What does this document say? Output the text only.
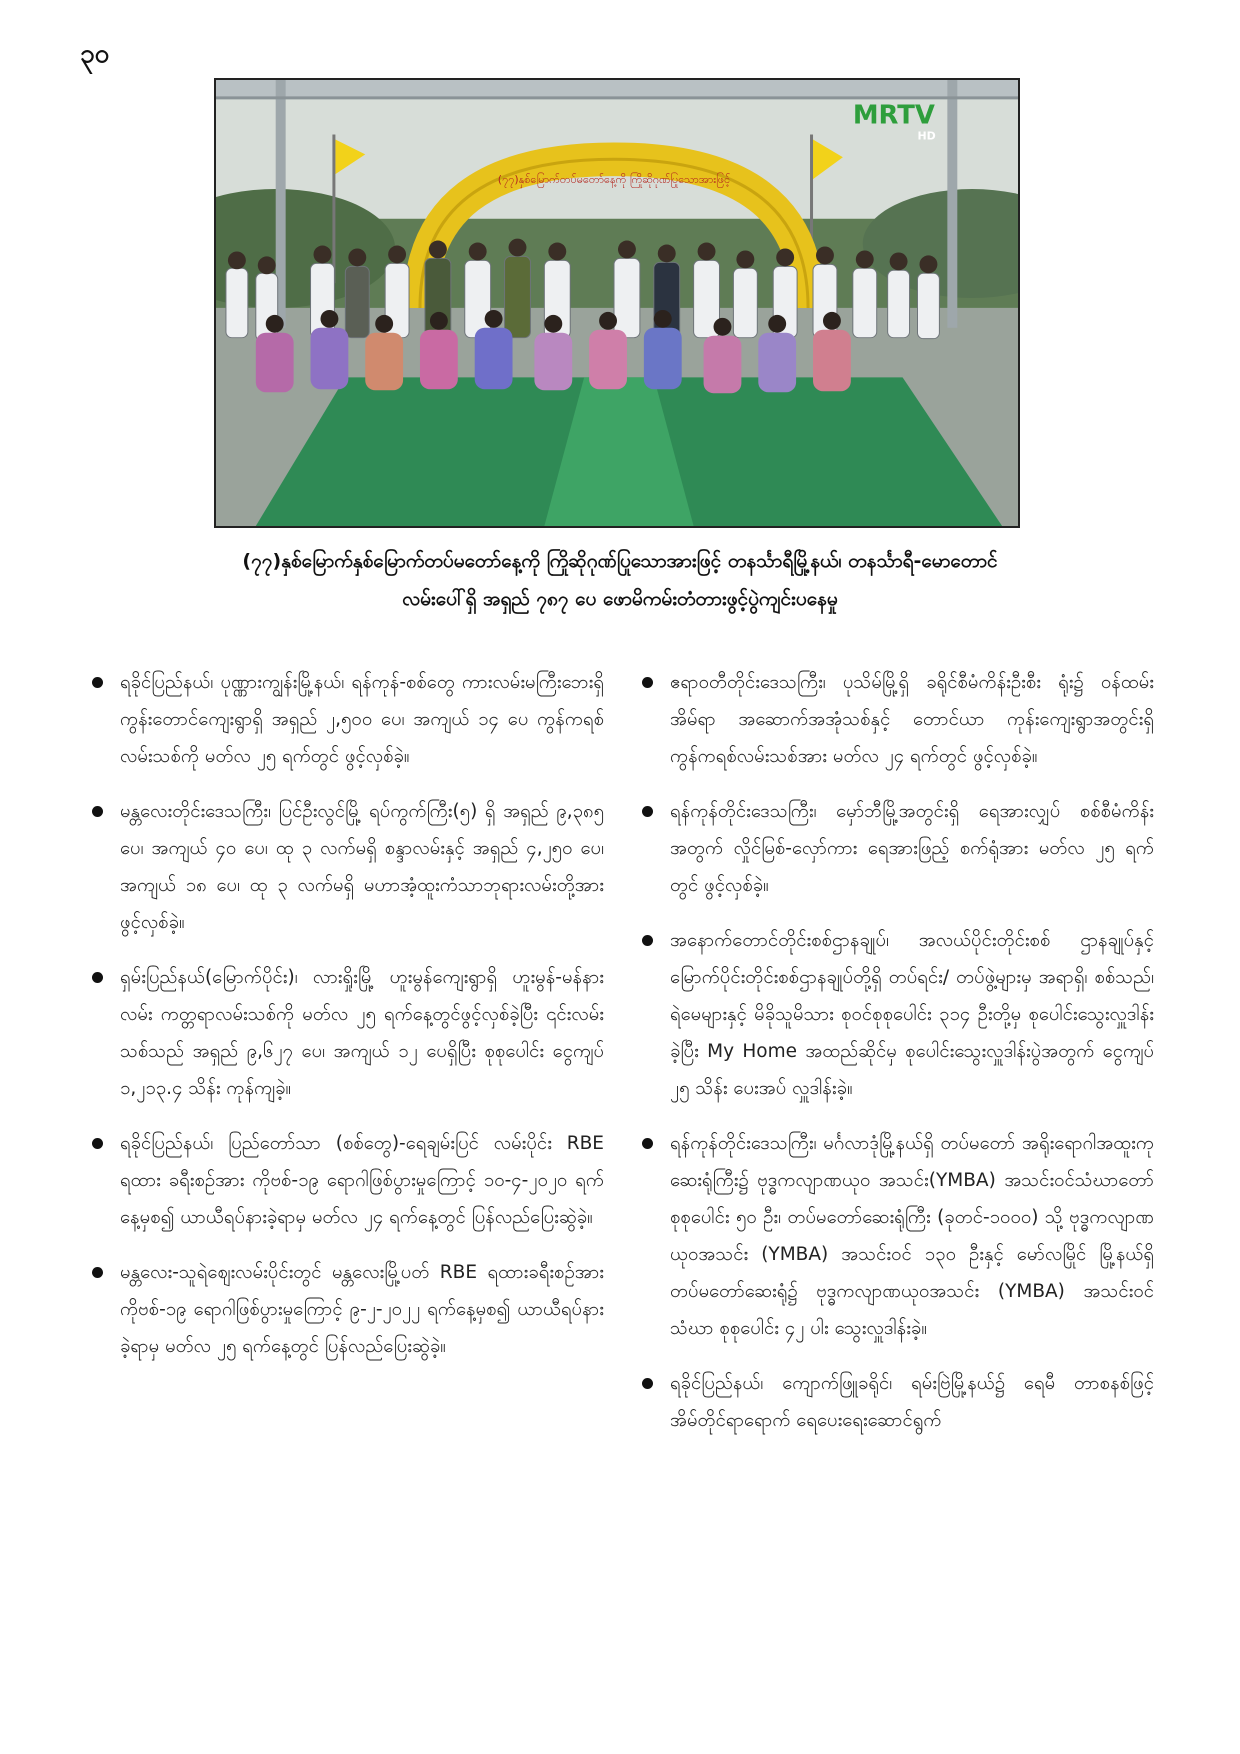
၃၀
(၇၇)နှစ်မြောက်တပ်မတော်နေ့ကို ကြိုဆိုဂုဏ်ပြုသောအားဖြင့်
MRTV
HD
(၇၇)နှစ်မြောက်နှစ်မြောက်တပ်မတော်နေ့ကို ကြိုဆိုဂုဏ်ပြုသောအားဖြင့် တနင်္သာရီမြို့နယ်၊ တနင်္သာရီ-မောတောင်
လမ်းပေါ်ရှိ အရှည် ၇၈၇ ပေ ဖောမိကမ်းတံတားဖွင့်ပွဲကျင်းပနေမှု
ရခိုင်ပြည်နယ်၊ ပုဏ္ဏားကျွန်းမြို့နယ်၊ ရန်ကုန်-စစ်တွေ ကားလမ်းမကြီးဘေးရှိ ကွန်းတောင်ကျေးရွာရှိ အရှည် ၂,၅၀၀ ပေ၊ အကျယ် ၁၄ ပေ ကွန်ကရစ်လမ်းသစ်ကို မတ်လ ၂၅ ရက်တွင် ဖွင့်လှစ်ခဲ့။
မန္တလေးတိုင်းဒေသကြီး၊ ပြင်ဦးလွင်မြို့ ရပ်ကွက်ကြီး(၅) ရှိ အရှည် ၉,၃၈၅ ပေ၊ အကျယ် ၄၀ ပေ၊ ထု ၃ လက်မရှိ စန္ဒာလမ်းနှင့် အရှည် ၄,၂၅၀ ပေ၊ အကျယ် ၁၈ ပေ၊ ထု ၃ လက်မရှိ မဟာအံ့ထူးကံသာဘုရားလမ်းတို့အား ဖွင့်လှစ်ခဲ့။
ရှမ်းပြည်နယ်(မြောက်ပိုင်း)၊ လားရှိုးမြို့ ဟူးမွန်ကျေးရွာရှိ ဟူးမွန်-မန်နားလမ်း ကတ္တရာလမ်းသစ်ကို မတ်လ ၂၅ ရက်နေ့တွင်ဖွင့်လှစ်ခဲ့ပြီး ၎င်းလမ်းသစ်သည် အရှည် ၉,၆၂၇ ပေ၊ အကျယ် ၁၂ ပေရှိပြီး စုစုပေါင်း ငွေကျပ် ၁,၂၁၃.၄ သိန်း ကုန်ကျခဲ့။
ရခိုင်ပြည်နယ်၊ ပြည်တော်သာ (စစ်တွေ)-ရေချမ်းပြင် လမ်းပိုင်း RBE ရထား ခရီးစဉ်အား ကိုဗစ်-၁၉ ရောဂါဖြစ်ပွားမှုကြောင့် ၁၀-၄-၂၀၂၀ ရက်နေ့မှစ၍ ယာယီရပ်နားခဲ့ရာမှ မတ်လ ၂၄ ရက်နေ့တွင် ပြန်လည်ပြေးဆွဲခဲ့။
မန္တလေး-သူရဲဈေးလမ်းပိုင်းတွင် မန္တလေးမြို့ပတ် RBE ရထားခရီးစဉ်အား ကိုဗစ်-၁၉ ရောဂါဖြစ်ပွားမှုကြောင့် ၉-၂-၂၀၂၂ ရက်နေ့မှစ၍ ယာယီရပ်နားခဲ့ရာမှ မတ်လ ၂၅ ရက်နေ့တွင် ပြန်လည်ပြေးဆွဲခဲ့။
ဧရာဝတီတိုင်းဒေသကြီး၊ ပုသိမ်မြို့ရှိ ခရိုင်စီမံကိန်းဦးစီး ရုံး၌ ဝန်ထမ်းအိမ်ရာ အဆောက်အအုံသစ်နှင့် တောင်ယာ ကုန်းကျေးရွာအတွင်းရှိ ကွန်ကရစ်လမ်းသစ်အား မတ်လ ၂၄ ရက်တွင် ဖွင့်လှစ်ခဲ့။
ရန်ကုန်တိုင်းဒေသကြီး၊ မှော်ဘီမြို့အတွင်းရှိ ရေအားလျှပ် စစ်စီမံကိန်းအတွက် လှိုင်မြစ်-လှော်ကား ရေအားဖြည့် စက်ရုံအား မတ်လ ၂၅ ရက်တွင် ဖွင့်လှစ်ခဲ့။
အနောက်တောင်တိုင်းစစ်ဌာနချုပ်၊ အလယ်ပိုင်းတိုင်းစစ် ဌာနချုပ်နှင့် မြောက်ပိုင်းတိုင်းစစ်ဌာနချုပ်တို့ရှိ တပ်ရင်း/ တပ်ဖွဲ့များမှ အရာရှိ၊ စစ်သည်၊ ရဲမေများနှင့် မိခိုသူမိသား စုဝင်စုစုပေါင်း ၃၁၄ ဦးတို့မှ စုပေါင်းသွေးလှူဒါန်းခဲ့ပြီး My Home အထည်ဆိုင်မှ စုပေါင်းသွေးလှူဒါန်းပွဲအတွက် ငွေကျပ် ၂၅ သိန်း ပေးအပ် လှူဒါန်းခဲ့။
ရန်ကုန်တိုင်းဒေသကြီး၊ မင်္ဂလာဒုံမြို့နယ်ရှိ တပ်မတော် အရိုးရောဂါအထူးကုဆေးရုံကြီး၌ ဗုဒ္ဓကလျာဏယုဝ အသင်း(YMBA) အသင်းဝင်သံဃာတော် စုစုပေါင်း ၅၀ ဦး၊ တပ်မတော်ဆေးရုံကြီး (ခုတင်-၁၀၀၀) သို့ ဗုဒ္ဓကလျာဏ ယုဝအသင်း (YMBA) အသင်းဝင် ၁၃၀ ဦးနှင့် မော်လမြိုင် မြို့နယ်ရှိ တပ်မတော်ဆေးရုံ၌ ဗုဒ္ဓကလျာဏယုဝအသင်း (YMBA) အသင်းဝင်သံဃာ စုစုပေါင်း ၄၂ ပါး သွေးလှူဒါန်းခဲ့။
ရခိုင်ပြည်နယ်၊ ကျောက်ဖြူခရိုင်၊ ရမ်းဗြဲမြို့နယ်၌ ရေမီ တာစနစ်ဖြင့် အိမ်တိုင်ရာရောက် ရေပေးရေးဆောင်ရွက်
